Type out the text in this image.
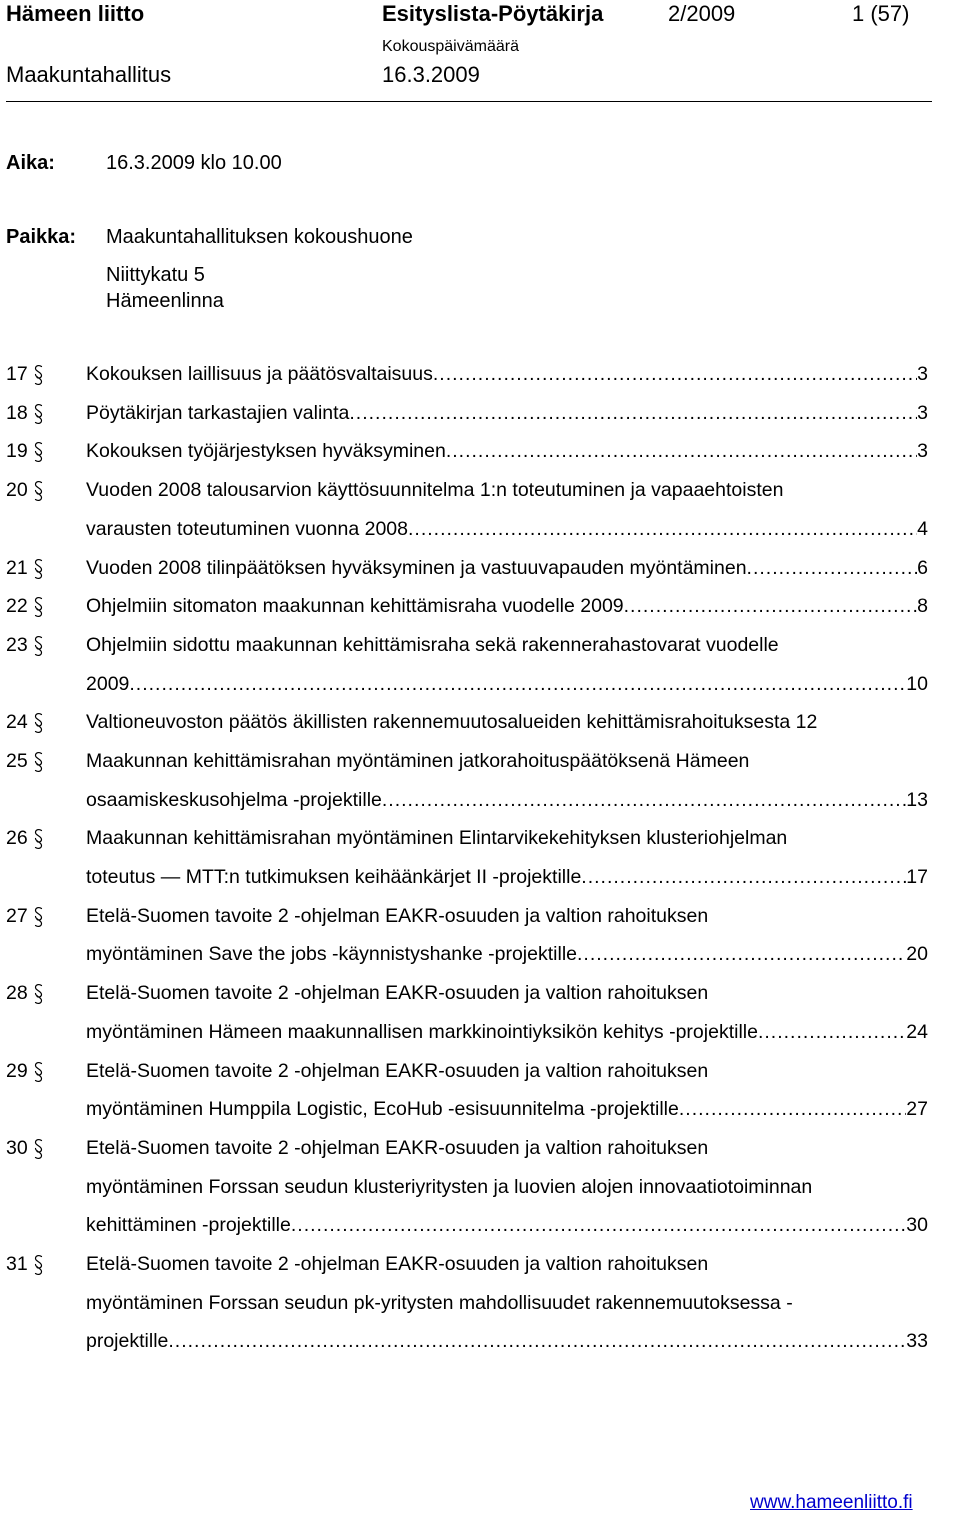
Hämeen liitto	Esityslista-Pöytäkirja	2/2009	1 (57)
Kokouspäivämäärä
Maakuntahallitus	16.3.2009
Aika:	16.3.2009 klo 10.00
Paikka: Maakuntahallituksen kokoushuone
Niittykatu 5
Hämeenlinna
17	Kokouksen laillisuus ja päätösvaltaisuus .....	3
18	Pöytäkirjan tarkastajien valinta .....	3
19	Kokouksen työjärjestyksen hyväksyminen .....	3
20	Vuoden 2008 talousarvion käyttösuunnitelma 1:n toteutuminen ja vapaaehtoisten
varausten toteutuminen vuonna 2008 .....	4
21	Vuoden 2008 tilinpäätöksen hyväksyminen ja vastuuvapauden myöntäminen .....	6
22	Ohjelmiin sitomaton maakunnan kehittämisraha vuodelle 2009 .....	8
23	Ohjelmiin sidottu maakunnan kehittämisraha sekä rakennerahastovarat vuodelle
2009 .....	10
24	Valtioneuvoston päätös äkillisten rakennemuutosalueiden kehittämisrahoituksesta 12
25	Maakunnan kehittämisrahan myöntäminen jatkorahoituspäätöksenä Hämeen
osaamiskeskusohjelma -projektille .....	13
26	Maakunnan kehittämisrahan myöntäminen Elintarvikekehityksen klusteriohjelman
toteutus ― MTT:n tutkimuksen keihäänkärjet II -projektille .....	17
27	Etelä-Suomen tavoite 2 -ohjelman EAKR-osuuden ja valtion rahoituksen
myöntäminen Save the jobs -käynnistyshanke -projektille .....	20
28	Etelä-Suomen tavoite 2 -ohjelman EAKR-osuuden ja valtion rahoituksen
myöntäminen Hämeen maakunnallisen markkinointiyksikön kehitys -projektille .....	24
29	Etelä-Suomen tavoite 2 -ohjelman EAKR-osuuden ja valtion rahoituksen
myöntäminen Humppila Logistic, EcoHub -esisuunnitelma -projektille .....	27
30	Etelä-Suomen tavoite 2 -ohjelman EAKR-osuuden ja valtion rahoituksen
myöntäminen Forssan seudun klusteriyritysten ja luovien alojen innovaatiotoiminnan
kehittäminen -projektille .....	30
31	Etelä-Suomen tavoite 2 -ohjelman EAKR-osuuden ja valtion rahoituksen
myöntäminen Forssan seudun pk-yritysten mahdollisuudet rakennemuutoksessa -
projektille .....	33
www.hameenliitto.fi
